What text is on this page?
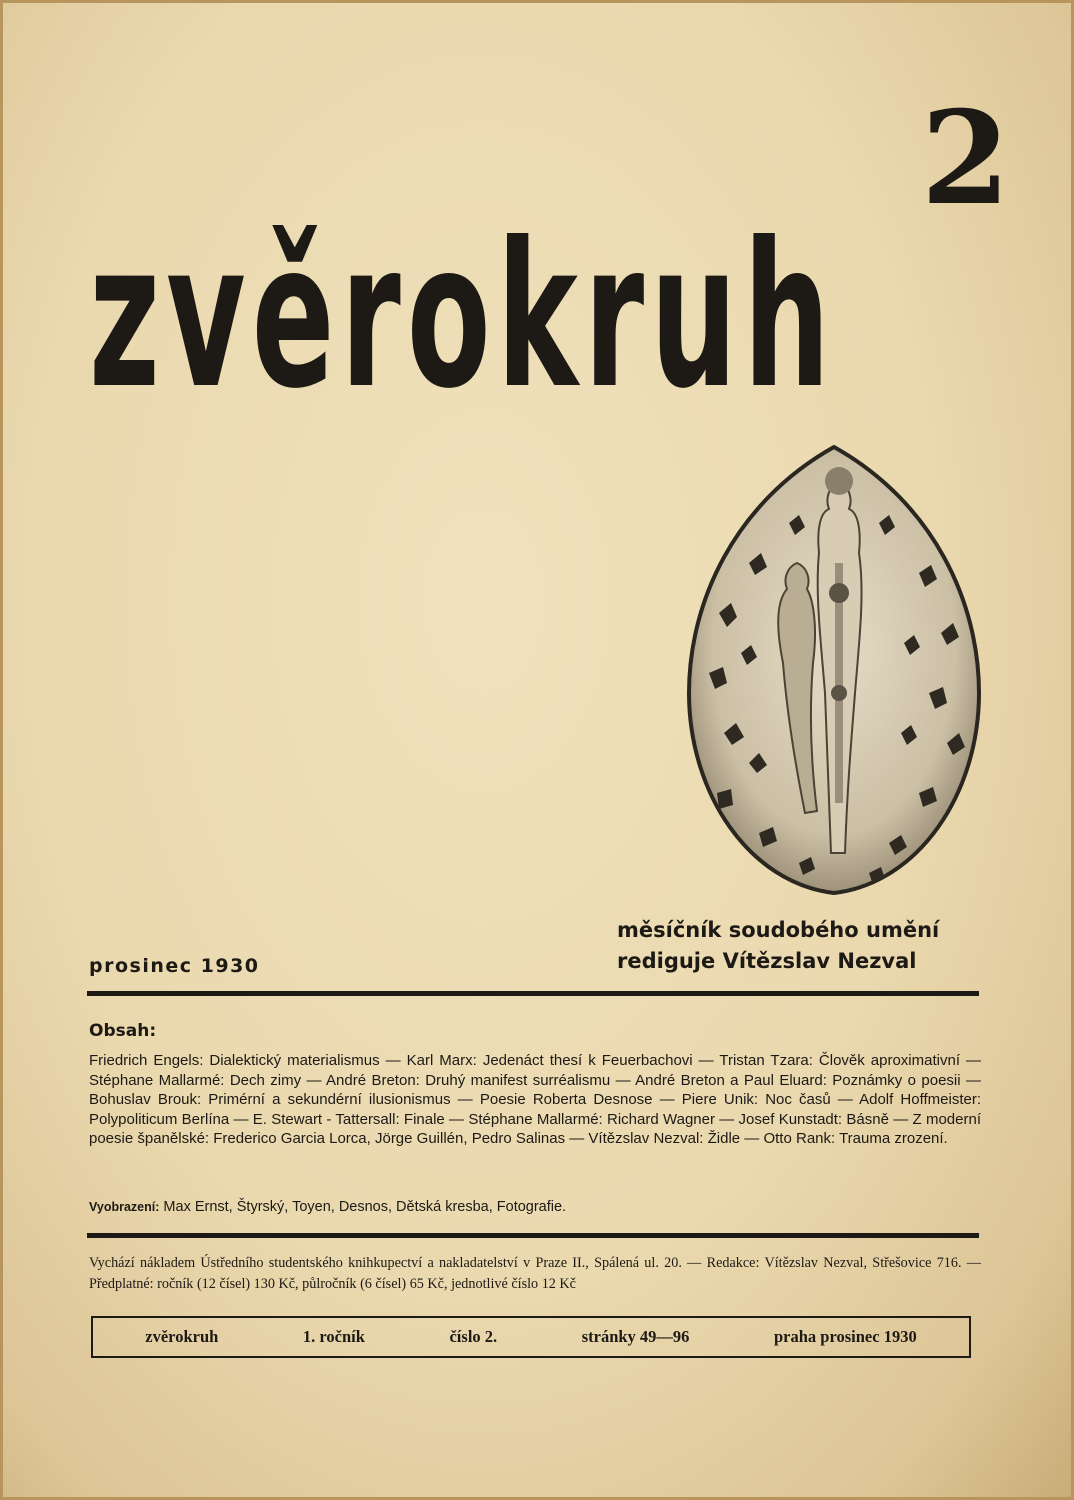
2
zvěrokruh
měsíčník soudobého umění
rediguje Vítězslav Nezval
prosinec 1930
Obsah:
Friedrich Engels: Dialektický materialismus — Karl Marx: Jedenáct thesí k Feuerbachovi — Tristan Tzara: Člověk aproximativní — Stéphane Mallarmé: Dech zimy — André Breton: Druhý manifest surréalismu — André Breton a Paul Eluard: Poznámky o poesii — Bohuslav Brouk: Primérní a sekundérní ilusionismus — Poesie Roberta Desnose — Piere Unik: Noc časů — Adolf Hoffmeister: Polypoliticum Berlína — E. Stewart - Tattersall: Finale — Stéphane Mallarmé: Richard Wagner — Josef Kunstadt: Básně — Z moderní poesie španělské: Frederico Garcia Lorca, Jörge Guillén, Pedro Salinas — Vítězslav Nezval: Židle — Otto Rank: Trauma zrození.
Vyobrazení: Max Ernst, Štyrský, Toyen, Desnos, Dětská kresba, Fotografie.
Vychází nákladem Ústředního studentského knihkupectví a nakladatelství v Praze II., Spálená ul. 20. — Redakce: Vítězslav Nezval, Střešovice 716. — Předplatné: ročník (12 čísel) 130 Kč, půlročník (6 čísel) 65 Kč, jednotlivé číslo 12 Kč
zvěrokruh	1. ročník	číslo 2.	stránky 49—96	praha prosinec 1930
